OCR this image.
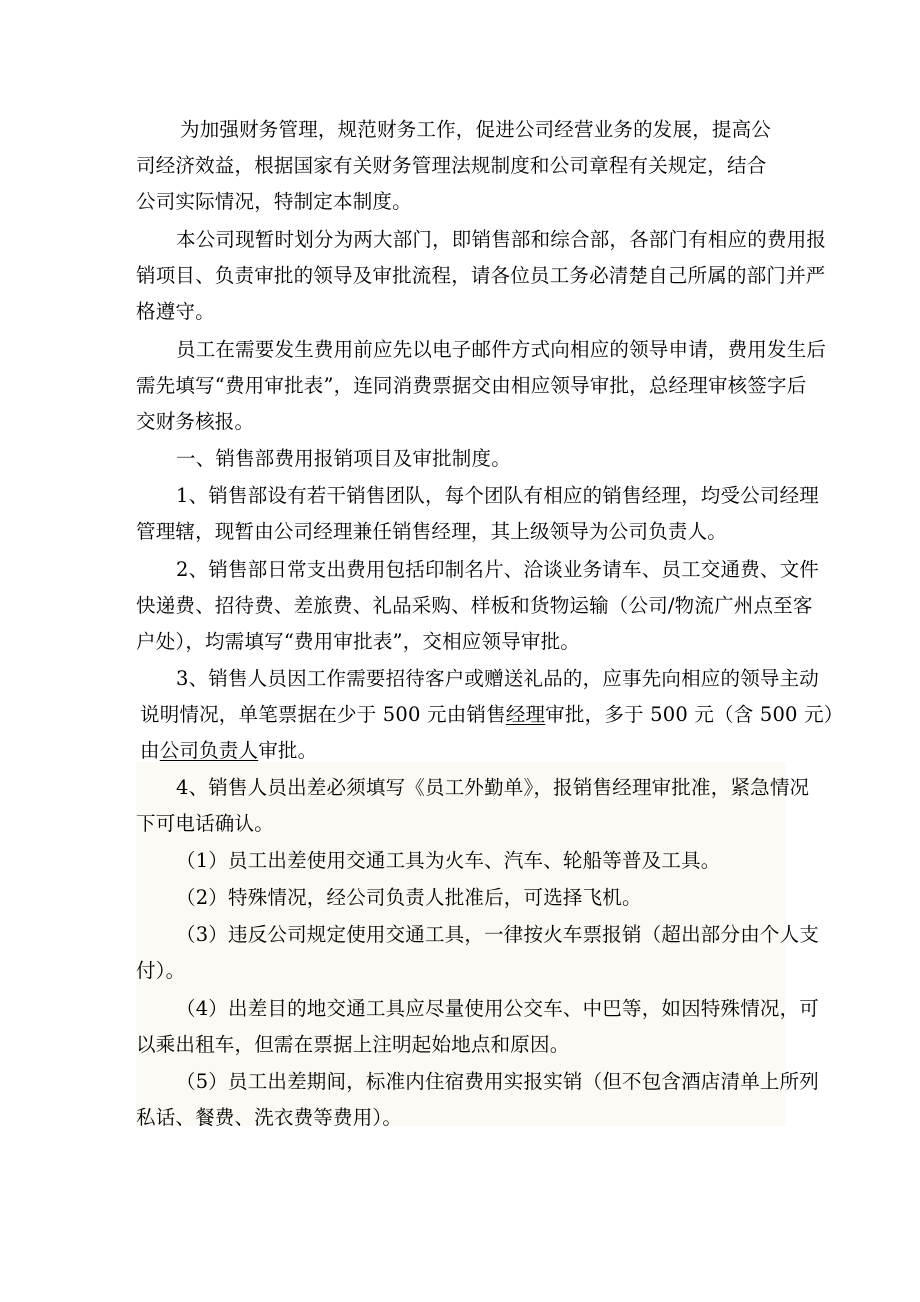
为加强财务管理，规范财务工作，促进公司经营业务的发展，提高公
司经济效益，根据国家有关财务管理法规制度和公司章程有关规定，结合
公司实际情况，特制定本制度。
本公司现暂时划分为两大部门，即销售部和综合部，各部门有相应的费用报
销项目、负责审批的领导及审批流程，请各位员工务必清楚自己所属的部门并严
格遵守。
员工在需要发生费用前应先以电子邮件方式向相应的领导申请，费用发生后
需先填写“费用审批表”，连同消费票据交由相应领导审批，总经理审核签字后
交财务核报。
一、销售部费用报销项目及审批制度。
1、销售部设有若干销售团队，每个团队有相应的销售经理，均受公司经理
管理辖，现暂由公司经理兼任销售经理，其上级领导为公司负责人。
2、销售部日常支出费用包括印制名片、洽谈业务请车、员工交通费、文件
快递费、招待费、差旅费、礼品采购、样板和货物运输（公司/物流广州点至客
户处），均需填写“费用审批表”，交相应领导审批。
3、销售人员因工作需要招待客户或赠送礼品的，应事先向相应的领导主动
说明情况，单笔票据在少于 500 元由销售经理审批，多于 500 元（含 500 元）
由公司负责人审批。
4、销售人员出差必须填写《员工外勤单》，报销售经理审批准，紧急情况
下可电话确认。
（1）员工出差使用交通工具为火车、汽车、轮船等普及工具。
（2）特殊情况，经公司负责人批准后，可选择飞机。
（3）违反公司规定使用交通工具，一律按火车票报销（超出部分由个人支
付）。
（4）出差目的地交通工具应尽量使用公交车、中巴等，如因特殊情况，可
以乘出租车，但需在票据上注明起始地点和原因。
（5）员工出差期间，标准内住宿费用实报实销（但不包含酒店清单上所列
私话、餐费、洗衣费等费用）。
